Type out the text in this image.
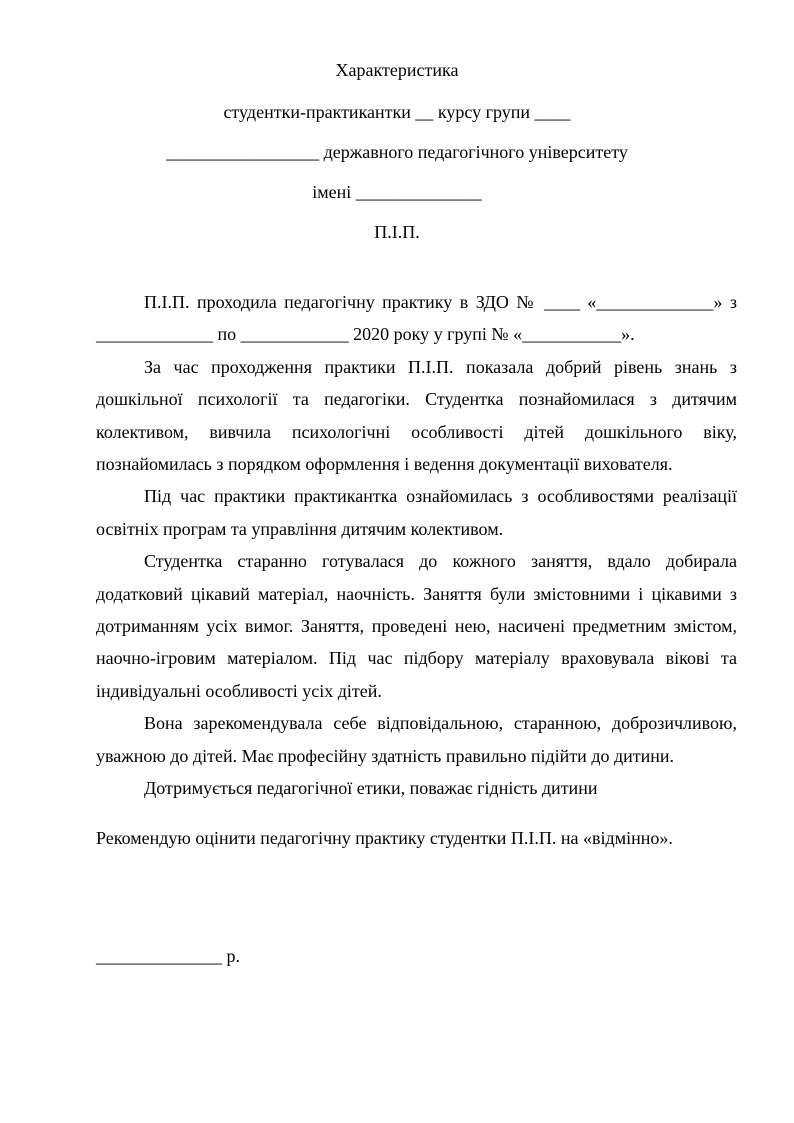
Характеристика
студентки-практикантки __ курсу групи ____
_________________ державного педагогічного університету
імені ______________
П.І.П.

П.І.П. проходила педагогічну практику в ЗДО № ____ «_____________» з _____________ по ____________ 2020 року у групі № «___________».

За час проходження практики П.І.П. показала добрий рівень знань з дошкільної психології та педагогіки. Студентка познайомилася з дитячим колективом, вивчила психологічні особливості дітей дошкільного віку, познайомилась з порядком оформлення і ведення документації вихователя.

Під час практики практикантка ознайомилась з особливостями реалізації освітніх програм та управління дитячим колективом.

Студентка старанно готувалася до кожного заняття, вдало добирала додатковий цікавий матеріал, наочність. Заняття були змістовними і цікавими з дотриманням усіх вимог. Заняття, проведені нею, насичені предметним змістом, наочно-ігровим матеріалом. Під час підбору матеріалу враховувала вікові та індивідуальні особливості усіх дітей.

Вона зарекомендувала себе відповідальною, старанною, доброзичливою, уважною до дітей. Має професійну здатність правильно підійти до дитини.

Дотримується педагогічної етики, поважає гідність дитини

Рекомендую оцінити педагогічну практику студентки П.І.П. на «відмінно».
______________ р.
